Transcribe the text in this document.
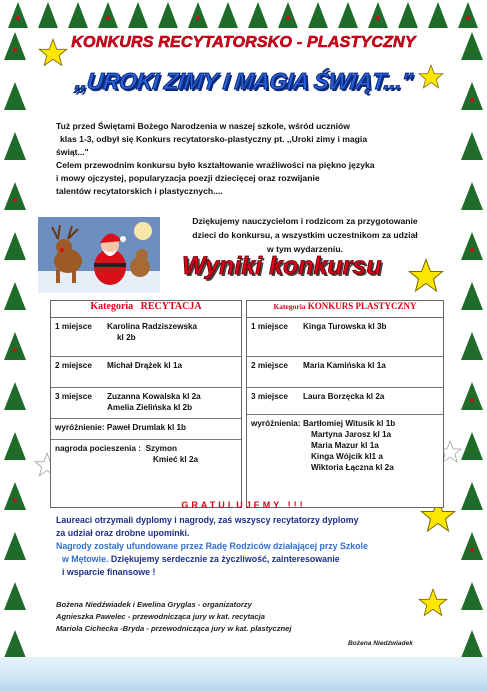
KONKURS RECYTATORSKO - PLASTYCZNY
,,UROKI ZIMY I MAGIA ŚWIĄT..."

Tuż przed Świętami Bożego Narodzenia w naszej szkole, wśród uczniów

klas 1-3, odbył się Konkurs recytatorsko-plastyczny pt. ,,Uroki zimy i magia

świąt..."

Celem przewodnim konkursu było kształtowanie wrażliwości na piękno języka

i mowy ojczystej, popularyzacja poezji dziecięcej oraz rozwijanie

talentów recytatorskich i plastycznych....

Dziękujemy nauczycielom i rodzicom za przygotowanie
dzieci do konkursu, a wszystkim uczestnikom za udział
w tym wydarzeniu.
Wyniki konkursu
Kategoria RECYTACJA
1 miejsce Karolina Radziszewska
kl 2b
2 miejsce Michał Drążek kl 1a
3 miejsce Zuzanna Kowalska kl 2a
Amelia Zielińska kl 2b
wyróżnienie: Paweł Drumlak kl 1b
nagroda pocieszenia : Szymon
Kmieć kl 2a
Kategoria KONKURS PLASTYCZNY
1 miejsce Kinga Turowska kl 3b
2 miejsce Maria Kamińska kl 1a
3 miejsce Laura Borzęcka kl 2a
wyróżnienia: Bartłomiej Witusik kl 1b
Martyna Jarosz kl 1a
Maria Mazur kl 1a
Kinga Wójcik kl1 a
Wiktoria Łączna kl 2a
GRATULUJEMY !!!

Laureaci otrzymali dyplomy i nagrody, zaś wszyscy recytatorzy dyplomy

za udział oraz drobne upominki.

Nagrody zostały ufundowane przez Radę Rodziców działającej przy Szkole

w Mętowie. Dziękujemy serdecznie za życzliwość, zainteresowanie

i wsparcie finansowe !

Bożena Niedźwiadek i Ewelina Gryglas - organizatorzy

Agnieszka Pawelec - przewodnicząca jury w kat. recytacja

Mariola Cichecka -Bryda - przewodnicząca jury w kat. plastycznej

Bożena Niedźwiadek
